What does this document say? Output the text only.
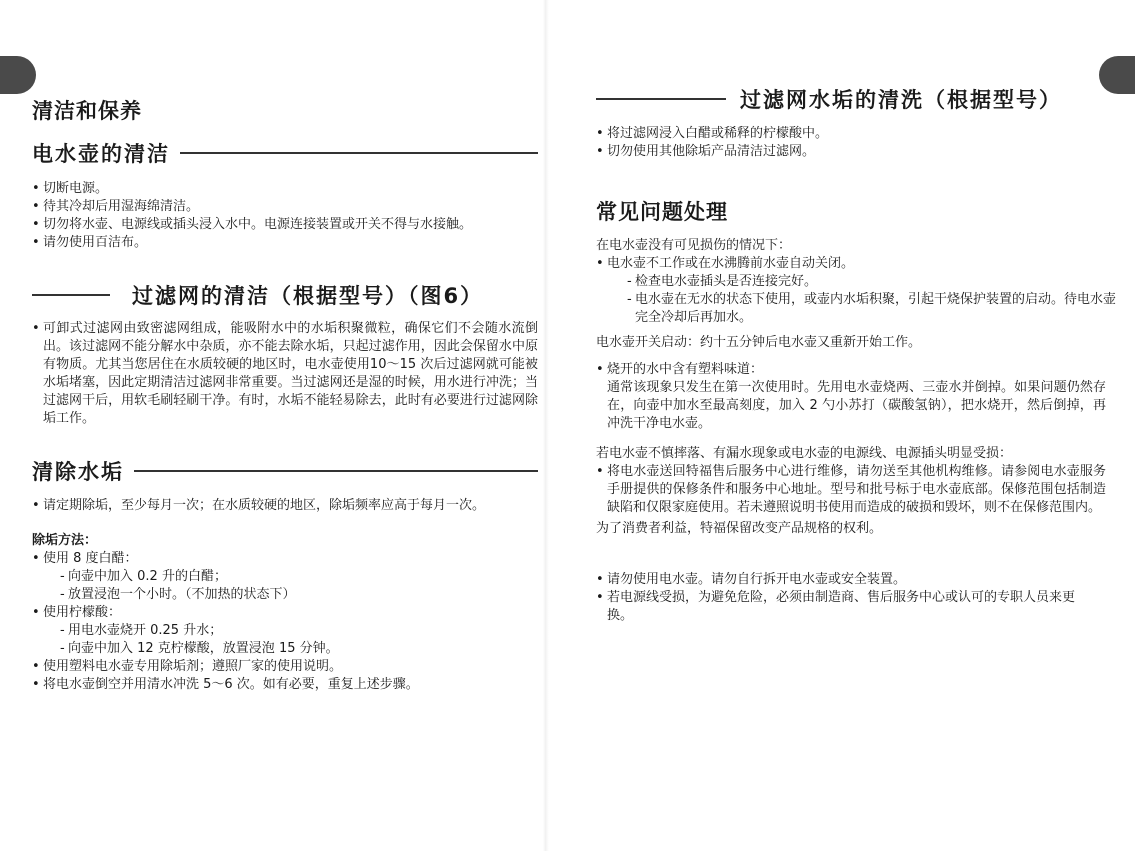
清洁和保养
电水壶的清洁
• 切断电源。
• 待其冷却后用湿海绵清洁。
• 切勿将水壶、电源线或插头浸入水中。电源连接装置或开关不得与水接触。
• 请勿使用百洁布。
过滤网的清洁（根据型号）（图6）
• 可卸式过滤网由致密滤网组成，能吸附水中的水垢积聚微粒，确保它们不会随水流倒出。该过滤网不能分解水中杂质，亦不能去除水垢，只起过滤作用，因此会保留水中原有物质。尤其当您居住在水质较硬的地区时，电水壶使用10～15 次后过滤网就可能被水垢堵塞，因此定期清洁过滤网非常重要。当过滤网还是湿的时候，用水进行冲洗；当过滤网干后，用软毛刷轻刷干净。有时，水垢不能轻易除去，此时有必要进行过滤网除垢工作。
清除水垢
• 请定期除垢，至少每月一次；在水质较硬的地区，除垢频率应高于每月一次。

除垢方法：

• 使用 8 度白醋：
- 向壶中加入 0.2 升的白醋；
- 放置浸泡一个小时。（不加热的状态下）
• 使用柠檬酸：
- 用电水壶烧开 0.25 升水；
- 向壶中加入 12 克柠檬酸，放置浸泡 15 分钟。
• 使用塑料电水壶专用除垢剂；遵照厂家的使用说明。
• 将电水壶倒空并用清水冲洗 5～6 次。如有必要，重复上述步骤。
过滤网水垢的清洗（根据型号）
• 将过滤网浸入白醋或稀释的柠檬酸中。
• 切勿使用其他除垢产品清洁过滤网。
常见问题处理

在电水壶没有可见损伤的情况下：

• 电水壶不工作或在水沸腾前水壶自动关闭。
- 检查电水壶插头是否连接完好。
- 电水壶在无水的状态下使用，或壶内水垢积聚，引起干烧保护装置的启动。待电水壶完全冷却后再加水。

电水壶开关启动：约十五分钟后电水壶又重新开始工作。

• 烧开的水中含有塑料味道：

通常该现象只发生在第一次使用时。先用电水壶烧两、三壶水并倒掉。如果问题仍然存在，向壶中加水至最高刻度，加入 2 勺小苏打（碳酸氢钠），把水烧开，然后倒掉，再冲洗干净电水壶。

若电水壶不慎摔落、有漏水现象或电水壶的电源线、电源插头明显受损：

• 将电水壶送回特福售后服务中心进行维修，请勿送至其他机构维修。请参阅电水壶服务手册提供的保修条件和服务中心地址。型号和批号标于电水壶底部。保修范围包括制造缺陷和仅限家庭使用。若未遵照说明书使用而造成的破损和毁坏，则不在保修范围内。

为了消费者利益，特福保留改变产品规格的权利。

• 请勿使用电水壶。请勿自行拆开电水壶或安全装置。
• 若电源线受损，为避免危险，必须由制造商、售后服务中心或认可的专职人员来更换。
